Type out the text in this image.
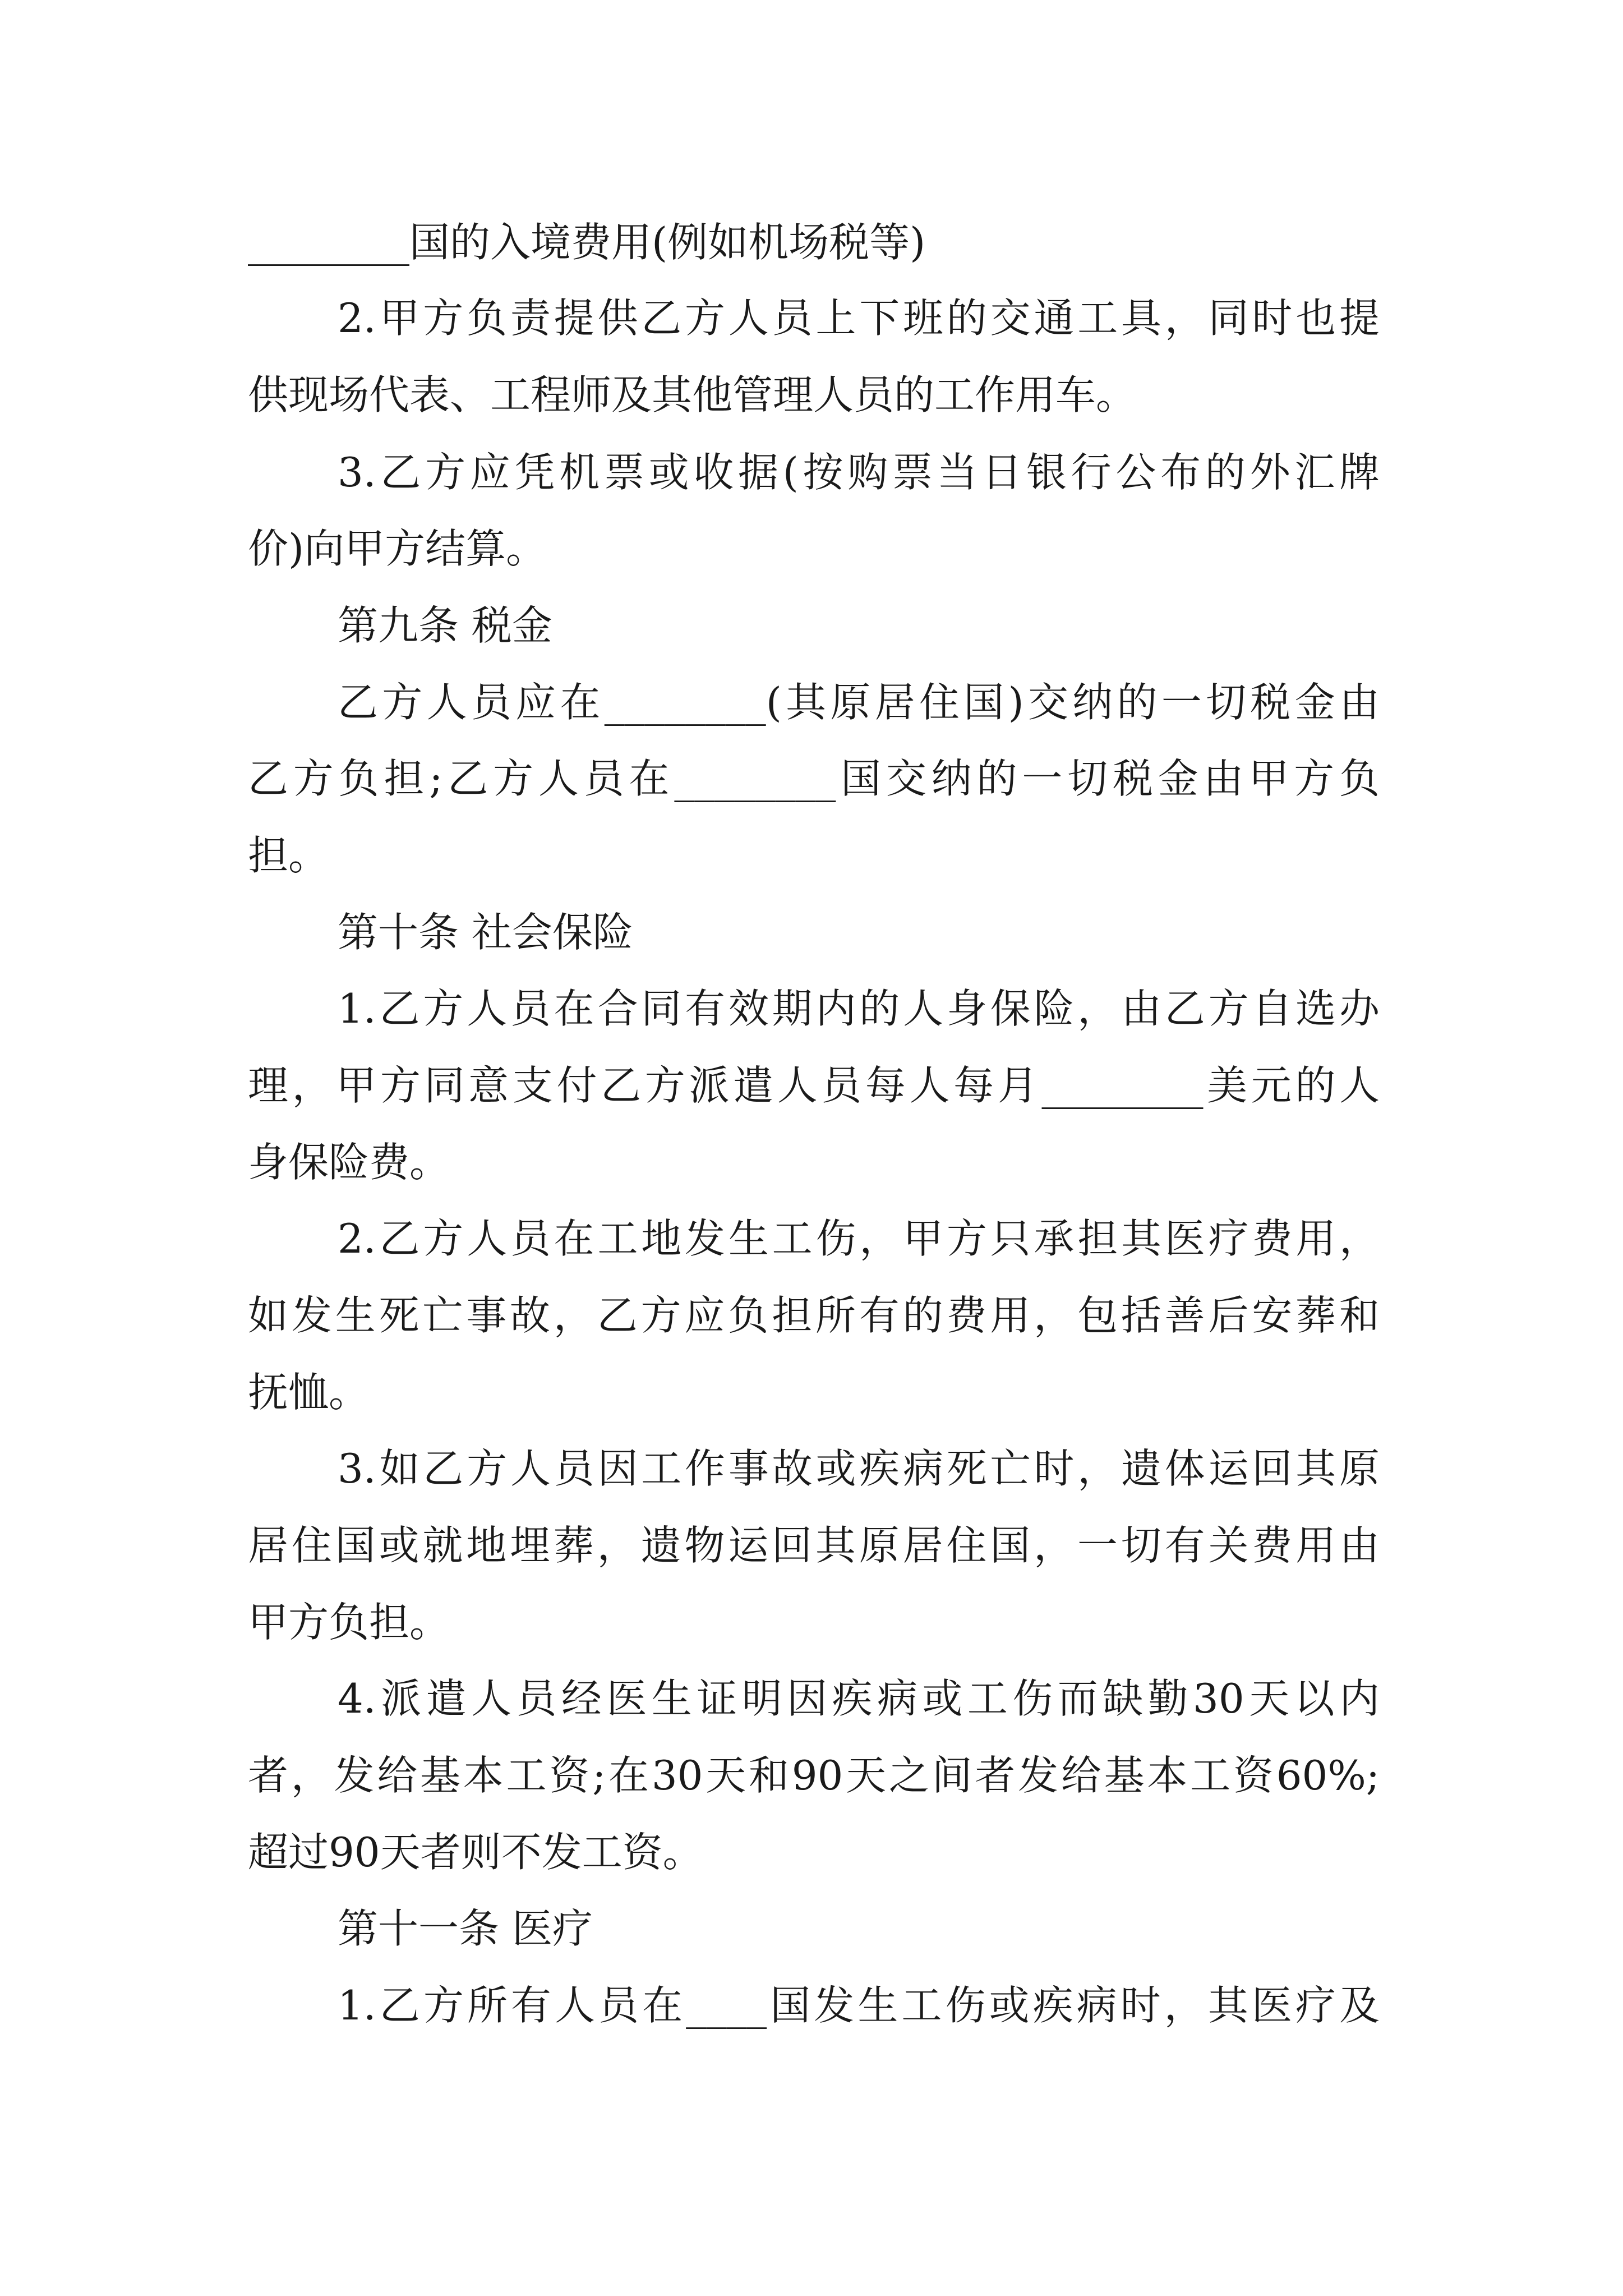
________国的入境费用(例如机场税等)
2.甲方负责提供乙方人员上下班的交通工具，同时也提
供现场代表、工程师及其他管理人员的工作用车。
3.乙方应凭机票或收据(按购票当日银行公布的外汇牌
价)向甲方结算。
第九条 税金
乙方人员应在________(其原居住国)交纳的一切税金由
乙方负担;乙方人员在________国交纳的一切税金由甲方负
担。
第十条 社会保险
1.乙方人员在合同有效期内的人身保险，由乙方自选办
理，甲方同意支付乙方派遣人员每人每月________美元的人
身保险费。
2.乙方人员在工地发生工伤，甲方只承担其医疗费用，
如发生死亡事故，乙方应负担所有的费用，包括善后安葬和
抚恤。
3.如乙方人员因工作事故或疾病死亡时，遗体运回其原
居住国或就地埋葬，遗物运回其原居住国，一切有关费用由
甲方负担。
4.派遣人员经医生证明因疾病或工伤而缺勤30天以内
者，发给基本工资;在30天和90天之间者发给基本工资60%;
超过90天者则不发工资。
第十一条 医疗
1.乙方所有人员在____国发生工伤或疾病时，其医疗及
